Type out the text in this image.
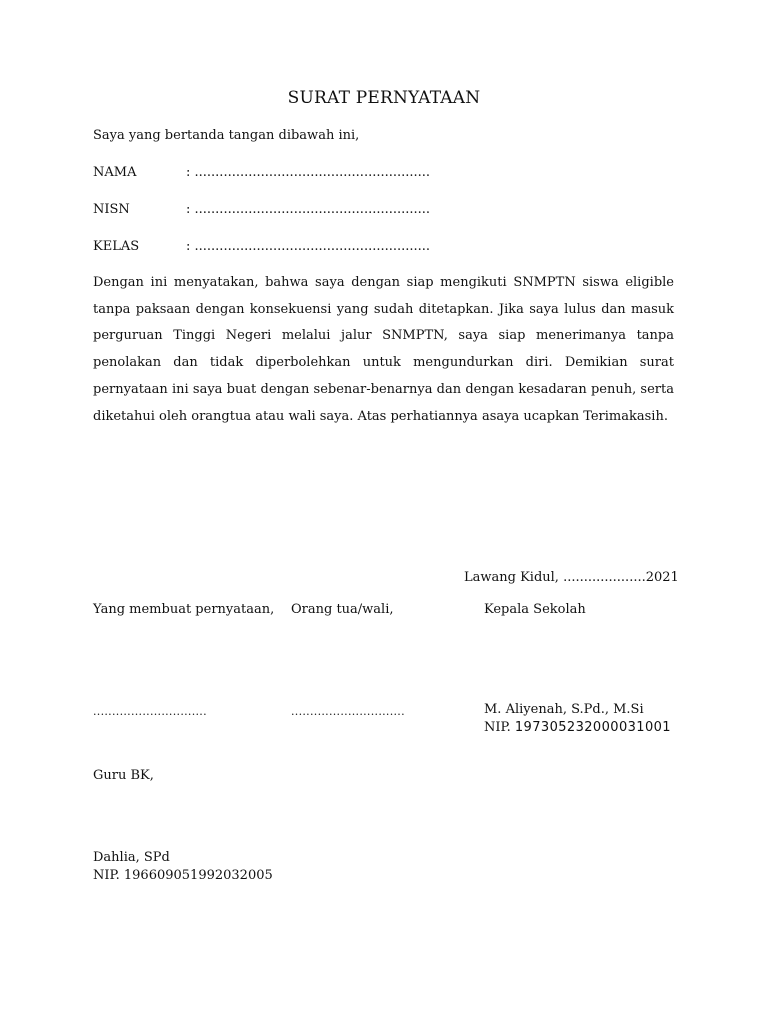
SURAT PERNYATAAN
Saya yang bertanda tangan dibawah ini,
NAMA	: .........................................................
NISN	: .........................................................
KELAS	: .........................................................

Dengan ini menyatakan, bahwa saya dengan siap mengikuti SNMPTN siswa eligible tanpa paksaan dengan konsekuensi yang sudah ditetapkan. Jika saya lulus dan masuk perguruan Tinggi Negeri melalui jalur SNMPTN, saya siap menerimanya tanpa penolakan dan tidak diperbolehkan untuk mengundurkan diri. Demikian surat pernyataan ini saya buat dengan sebenar-benarnya dan dengan kesadaran penuh, serta diketahui oleh orangtua atau wali saya. Atas perhatiannya asaya ucapkan Terimakasih.

Lawang Kidul, ....................2021
Yang membuat pernyataan, Orang tua/wali,	Kepala Sekolah
..............................	..............................	M. Aliyenah, S.Pd., M.Si
NIP. 197305232000031001
Guru BK,
Dahlia, SPd
NIP. 196609051992032005
